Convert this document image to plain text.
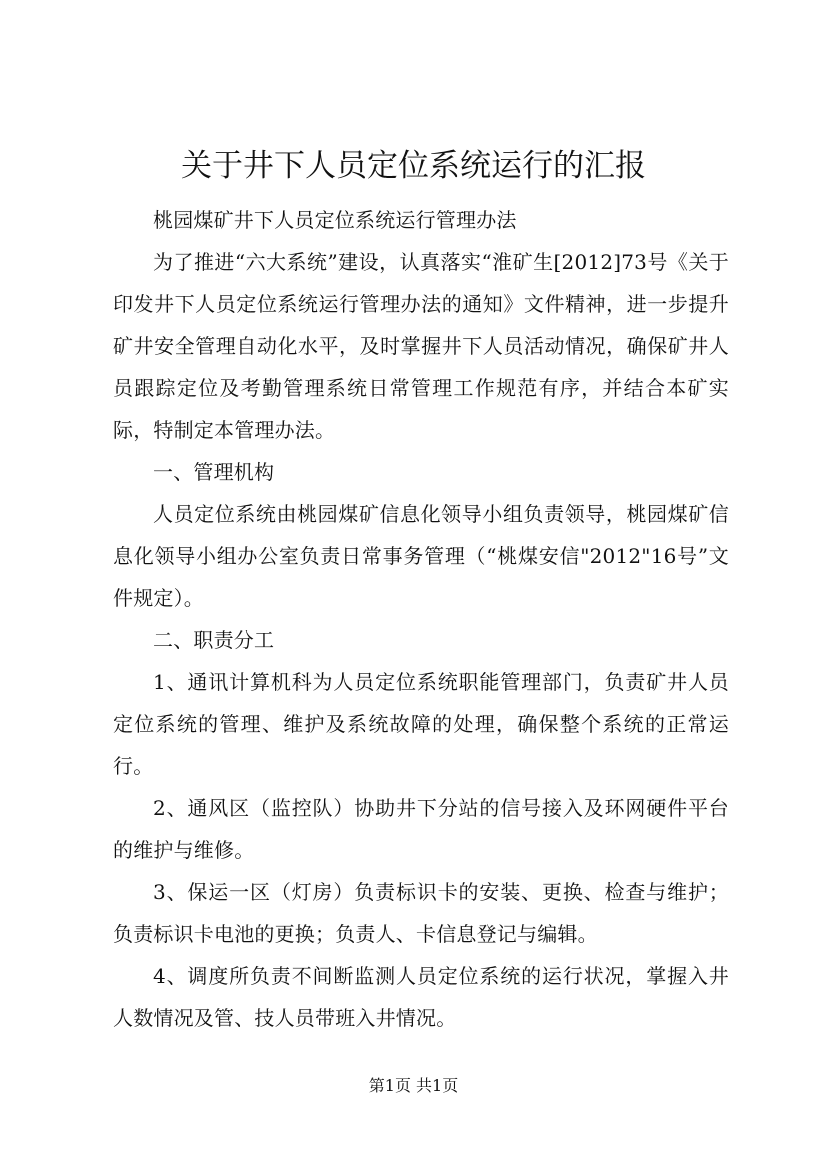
关于井下人员定位系统运行的汇报

桃园煤矿井下人员定位系统运行管理办法

为了推进“六大系统”建设，认真落实“淮矿生[2012]73号《关于印发井下人员定位系统运行管理办法的通知》文件精神，进一步提升矿井安全管理自动化水平，及时掌握井下人员活动情况，确保矿井人员跟踪定位及考勤管理系统日常管理工作规范有序，并结合本矿实际，特制定本管理办法。

一、管理机构

人员定位系统由桃园煤矿信息化领导小组负责领导，桃园煤矿信息化领导小组办公室负责日常事务管理（“桃煤安信"2012"16号”文件规定）。

二、职责分工

1、通讯计算机科为人员定位系统职能管理部门，负责矿井人员定位系统的管理、维护及系统故障的处理，确保整个系统的正常运行。

2、通风区（监控队）协助井下分站的信号接入及环网硬件平台的维护与维修。

3、保运一区（灯房）负责标识卡的安装、更换、检查与维护；负责标识卡电池的更换；负责人、卡信息登记与编辑。

4、调度所负责不间断监测人员定位系统的运行状况，掌握入井人数情况及管、技人员带班入井情况。

第1页 共1页
